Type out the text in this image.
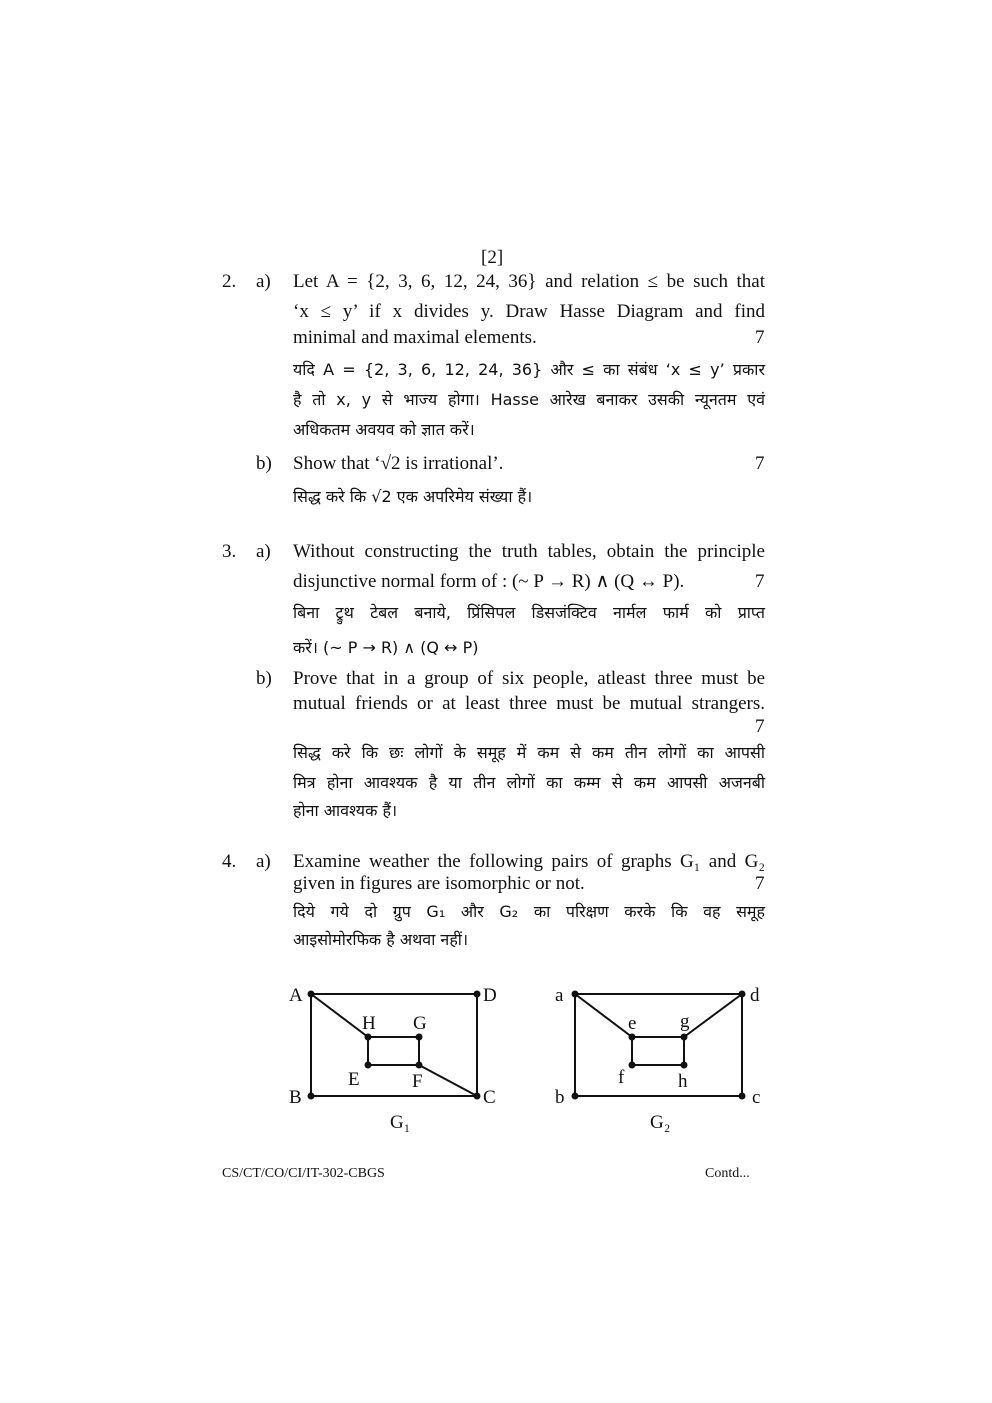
[2]
2. a) Let A = {2, 3, 6, 12, 24, 36} and relation ≤ be such that
‘x ≤ y’ if x divides y. Draw Hasse Diagram and find
minimal and maximal elements.	7
यदि A = {2, 3, 6, 12, 24, 36} और ≤ का संबंध ‘x ≤ y’ प्रकार
है तो x, y से भाज्य होगा। Hasse आरेख बनाकर उसकी न्यूनतम एवं
अधिकतम अवयव को ज्ञात करें।
b) Show that ‘√2 is irrational’.	7
सिद्ध करे कि √2 एक अपरिमेय संख्या हैं।
3. a) Without constructing the truth tables, obtain the principle
disjunctive normal form of : (~ P → R) ∧ (Q ↔ P).	7
बिना ट्रुथ टेबल बनाये, प्रिंसिपल डिसजंक्टिव नार्मल फार्म को प्राप्त
करें। (~ P → R) ∧ (Q ↔ P)
b) Prove that in a group of six people, atleast three must be
mutual friends or at least three must be mutual strangers.
7
सिद्ध करे कि छः लोगों के समूह में कम से कम तीन लोगों का आपसी
मित्र होना आवश्यक है या तीन लोगों का कम्म से कम आपसी अजनबी
होना आवश्यक हैं।
4. a) Examine weather the following pairs of graphs G₁ and G₂
given in figures are isomorphic or not.	7
दिये गये दो ग्रुप G₁ और G₂ का परिक्षण करके कि वह समूह
आइसोमोरफिक है अथवा नहीं।
A
B	C
D
E	F
G
H
G₁
a
b	c
d
e
f
g
h
G₂
CS/CT/CO/CI/IT-302-CBGS	Contd...
